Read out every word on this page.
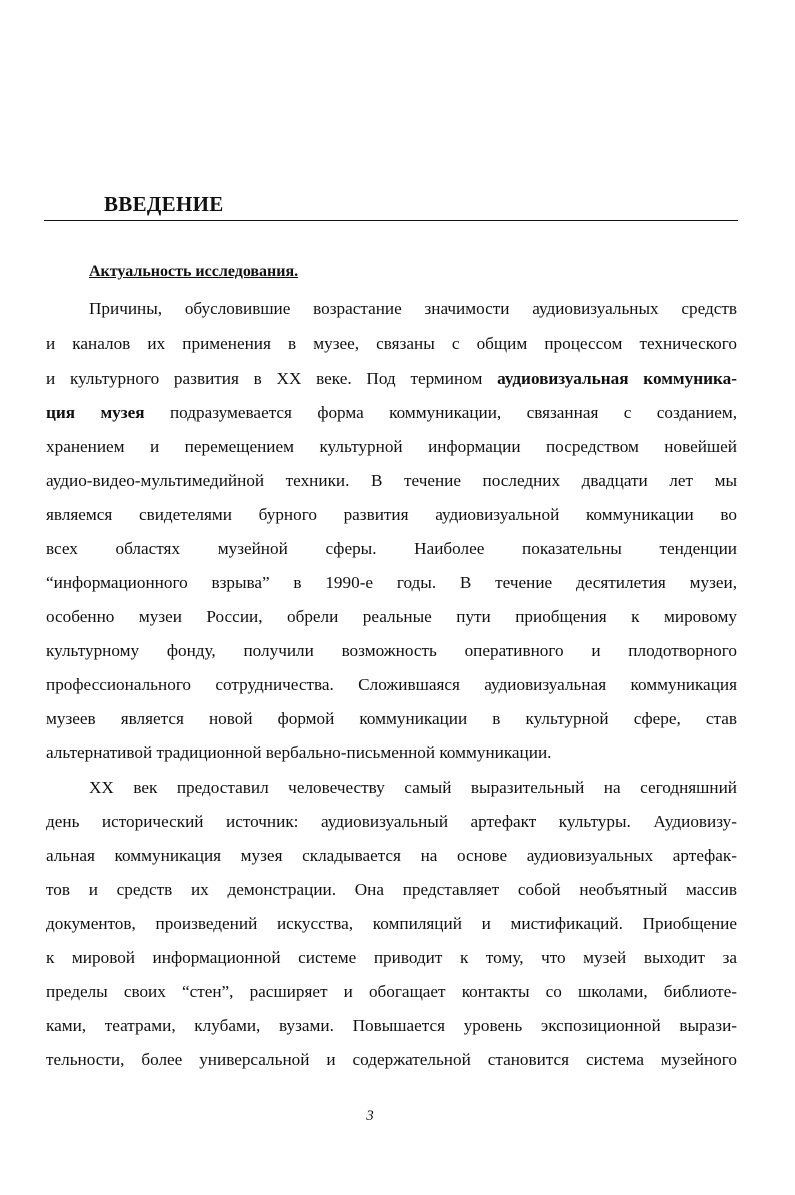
ВВЕДЕНИЕ
Актуальность исследования.
Причины, обусловившие возрастание значимости аудиовизуальных средств
и каналов их применения в музее, связаны с общим процессом технического
и культурного развития в XX веке. Под термином аудиовизуальная коммуника-
ция музея подразумевается форма коммуникации, связанная с созданием,
хранением и перемещением культурной информации посредством новейшей
аудио-видео-мультимедийной техники. В течение последних двадцати лет мы
являемся свидетелями бурного развития аудиовизуальной коммуникации во
всех областях музейной сферы. Наиболее показательны тенденции
“информационного взрыва” в 1990-е годы. В течение десятилетия музеи,
особенно музеи России, обрели реальные пути приобщения к мировому
культурному фонду, получили возможность оперативного и плодотворного
профессионального сотрудничества. Сложившаяся аудиовизуальная коммуникация
музеев является новой формой коммуникации в культурной сфере, став
альтернативой традиционной вербально-письменной коммуникации.
XX век предоставил человечеству самый выразительный на сегодняшний
день исторический источник: аудиовизуальный артефакт культуры. Аудиовизу-
альная коммуникация музея складывается на основе аудиовизуальных артефак-
тов и средств их демонстрации. Она представляет собой необъятный массив
документов, произведений искусства, компиляций и мистификаций. Приобщение
к мировой информационной системе приводит к тому, что музей выходит за
пределы своих “стен”, расширяет и обогащает контакты со школами, библиоте-
ками, театрами, клубами, вузами. Повышается уровень экспозиционной вырази-
тельности, более универсальной и содержательной становится система музейного
3
